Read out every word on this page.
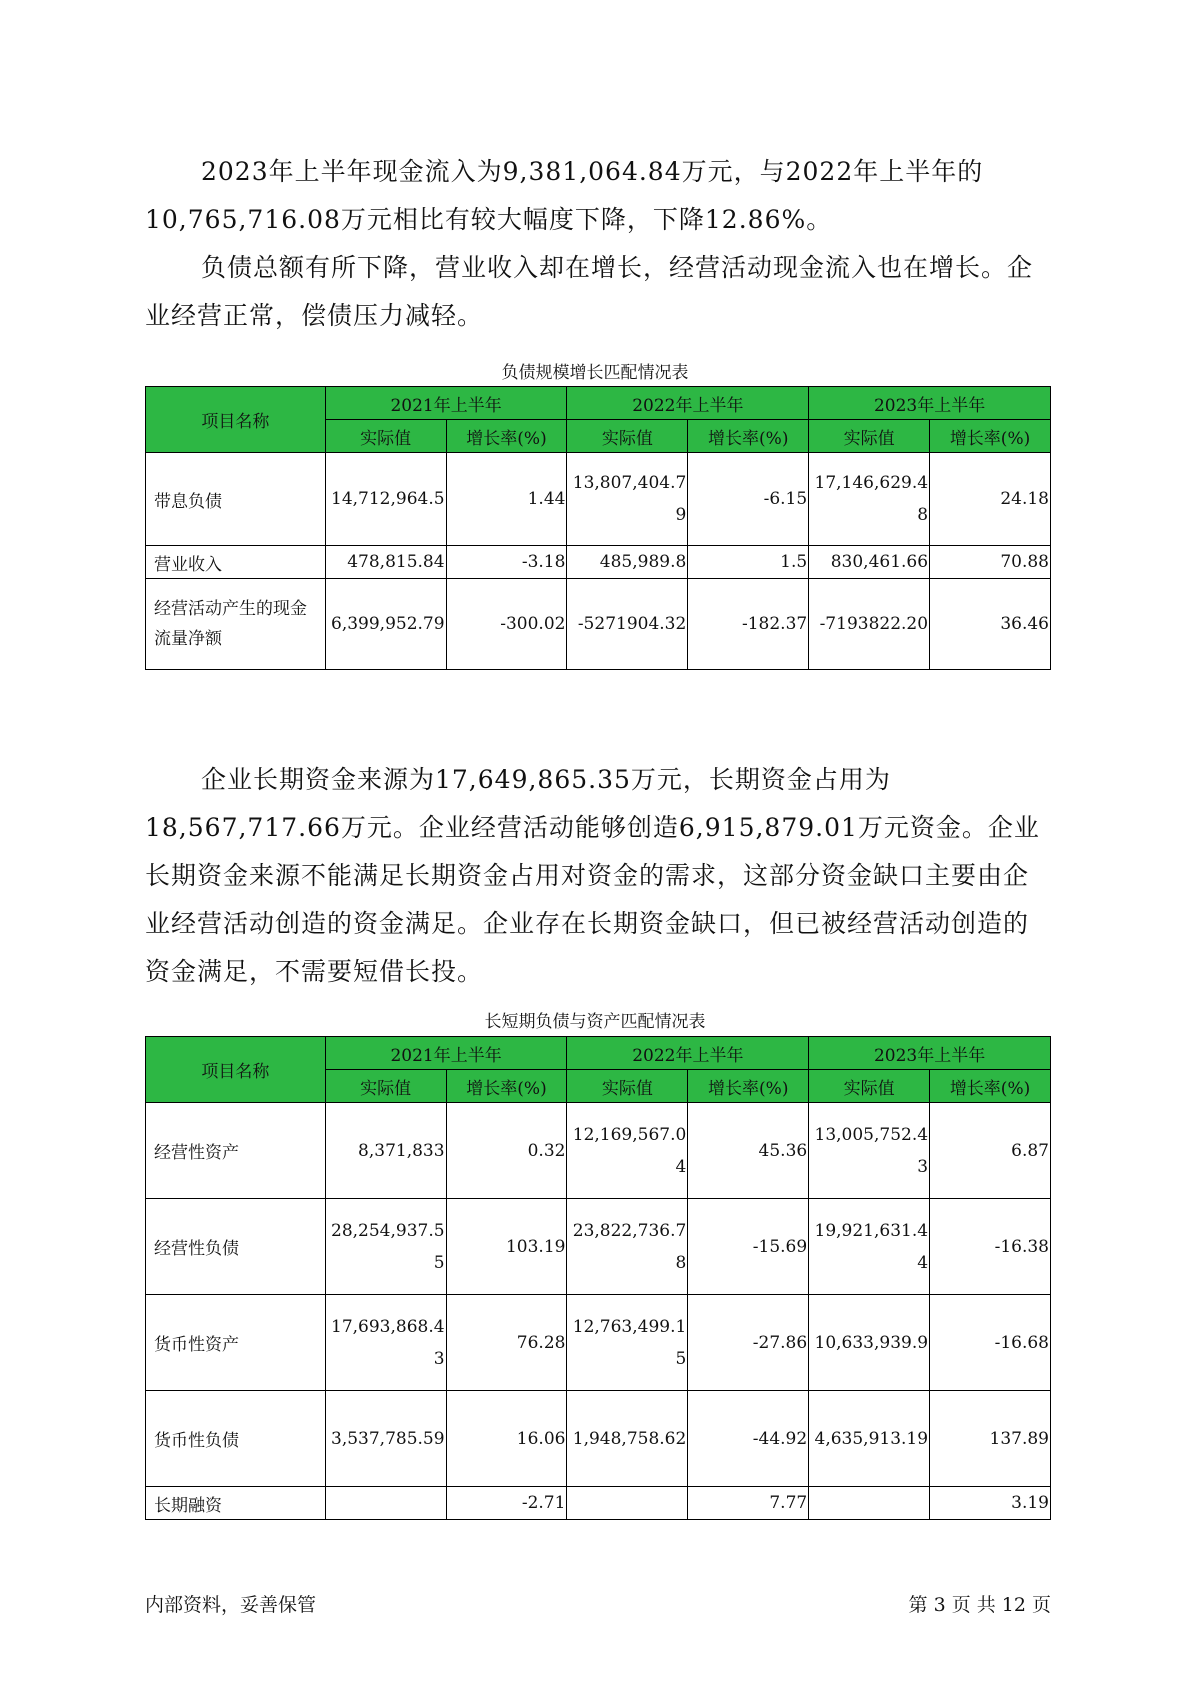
2023年上半年现金流入为9,381,064.84万元，与2022年上半年的10,765,716.08万元相比有较大幅度下降，下降12.86%。

负债总额有所下降，营业收入却在增长，经营活动现金流入也在增长。企业经营正常，偿债压力减轻。

负债规模增长匹配情况表

项目名称	2021年上半年		2022年上半年		2023年上半年	
	实际值	增长率(%)	实际值	增长率(%)	实际值	增长率(%)
带息负债	14,712,964.5	1.44	13,807,404.79	-6.15	17,146,629.48	24.18
营业收入	478,815.84	-3.18	485,989.8	1.5	830,461.66	70.88
经营活动产生的现金流量净额	6,399,952.79	-300.02	-5271904.32	-182.37	-7193822.20	36.46

企业长期资金来源为17,649,865.35万元，长期资金占用为18,567,717.66万元。企业经营活动能够创造6,915,879.01万元资金。企业长期资金来源不能满足长期资金占用对资金的需求，这部分资金缺口主要由企业经营活动创造的资金满足。企业存在长期资金缺口，但已被经营活动创造的资金满足，不需要短借长投。

长短期负债与资产匹配情况表

项目名称	2021年上半年		2022年上半年		2023年上半年	
	实际值	增长率(%)	实际值	增长率(%)	实际值	增长率(%)
经营性资产	8,371,833	0.32	12,169,567.04	45.36	13,005,752.43	6.87
经营性负债	28,254,937.55	103.19	23,822,736.78	-15.69	19,921,631.44	-16.38
货币性资产	17,693,868.43	76.28	12,763,499.15	-27.86	10,633,939.9	-16.68
货币性负债	3,537,785.59	16.06	1,948,758.62	-44.92	4,635,913.19	137.89
长期融资		-2.71		7.77		3.19
内部资料，妥善保管	第 3 页 共 12 页
